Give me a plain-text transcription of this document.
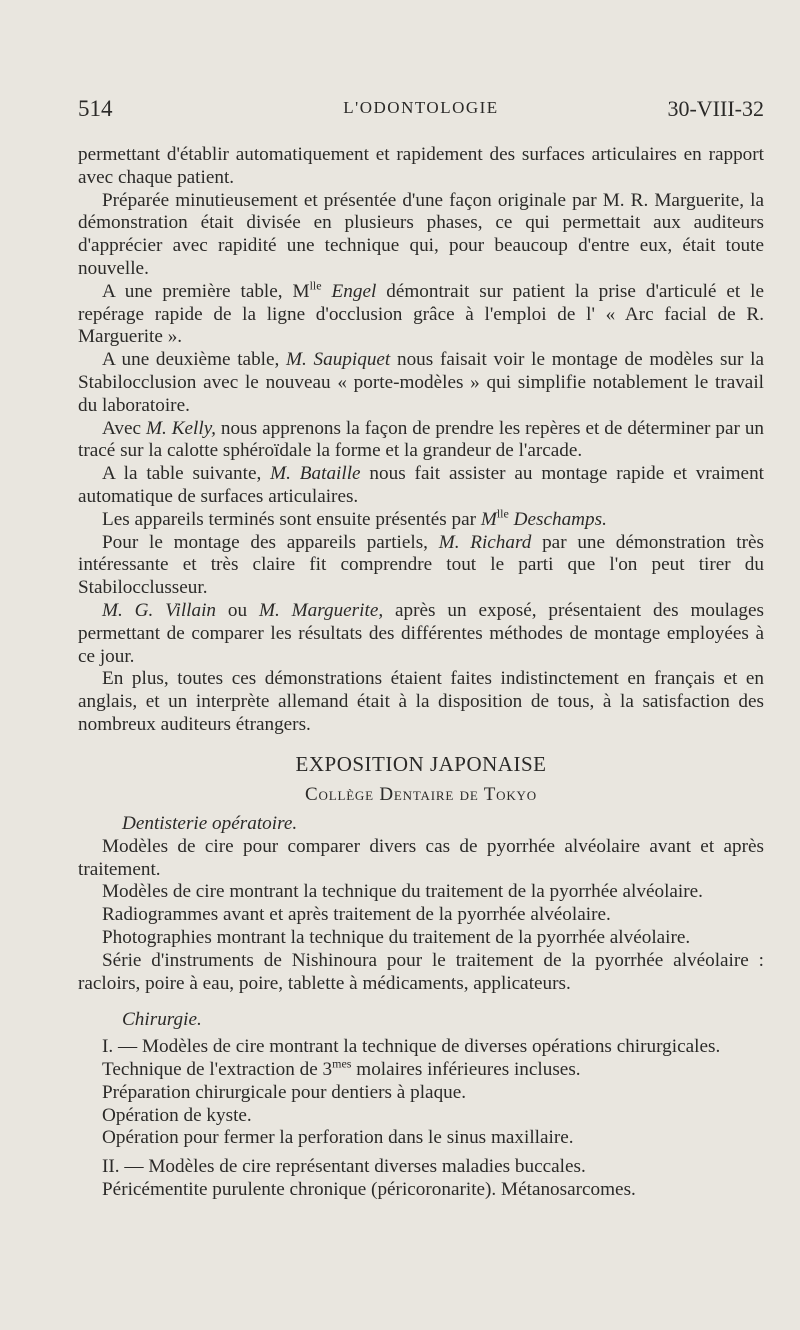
514	L'ODONTOLOGIE	30-VIII-32

permettant d'établir automatiquement et rapidement des surfaces articulaires en rapport avec chaque patient.

Préparée minutieusement et présentée d'une façon originale par M. R. Marguerite, la démonstration était divisée en plusieurs phases, ce qui permettait aux auditeurs d'apprécier avec rapidité une technique qui, pour beaucoup d'entre eux, était toute nouvelle.

A une première table, $M^{lle}$ Engel démontrait sur patient la prise d'articulé et le repérage rapide de la ligne d'occlusion grâce à l'emploi de l' « Arc facial de R. Marguerite ».

A une deuxième table, M. Saupiquet nous faisait voir le montage de modèles sur la Stabilocclusion avec le nouveau « porte-modèles » qui simplifie notablement le travail du laboratoire.

Avec M. Kelly, nous apprenons la façon de prendre les repères et de déterminer par un tracé sur la calotte sphéroïdale la forme et la grandeur de l'arcade.

A la table suivante, M. Bataille nous fait assister au montage rapide et vraiment automatique de surfaces articulaires.

Les appareils terminés sont ensuite présentés par $M^{lle}$ Deschamps.

Pour le montage des appareils partiels, M. Richard par une démonstration très intéressante et très claire fit comprendre tout le parti que l'on peut tirer du Stabilocclusseur.

M. G. Villain ou M. Marguerite, après un exposé, présentaient des moulages permettant de comparer les résultats des différentes méthodes de montage employées à ce jour.

En plus, toutes ces démonstrations étaient faites indistinctement en français et en anglais, et un interprète allemand était à la disposition de tous, à la satisfaction des nombreux auditeurs étrangers.

EXPOSITION JAPONAISE
Collège Dentaire de Tokyo
Dentisterie opératoire.

Modèles de cire pour comparer divers cas de pyorrhée alvéolaire avant et après traitement.

Modèles de cire montrant la technique du traitement de la pyorrhée alvéolaire.

Radiogrammes avant et après traitement de la pyorrhée alvéolaire.

Photographies montrant la technique du traitement de la pyorrhée alvéolaire.

Série d'instruments de Nishinoura pour le traitement de la pyorrhée alvéolaire : racloirs, poire à eau, poire, tablette à médicaments, applicateurs.

Chirurgie.

I. — Modèles de cire montrant la technique de diverses opérations chirurgicales.

Technique de l'extraction de $3^{mes}$ molaires inférieures incluses.

Préparation chirurgicale pour dentiers à plaque.

Opération de kyste.

Opération pour fermer la perforation dans le sinus maxillaire.

II. — Modèles de cire représentant diverses maladies buccales.

Péricémentite purulente chronique (péricoronarite). Métanosarcomes.
